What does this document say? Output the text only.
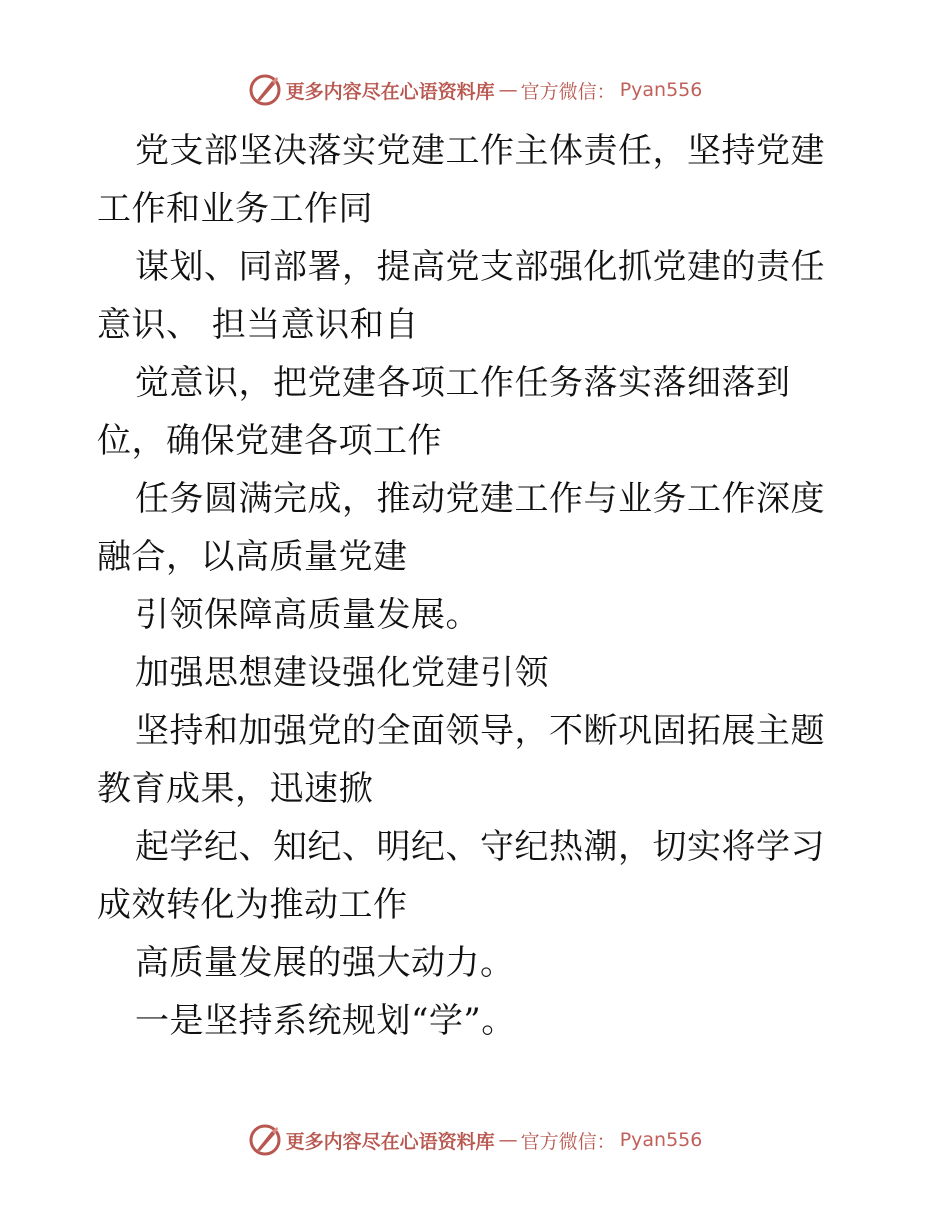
更多内容尽在心语资料库 — 官方微信： Pyan556

党支部坚决落实党建工作主体责任，坚持党建工作和业务工作同

谋划、同部署，提高党支部强化抓党建的责任意识、 担当意识和自

觉意识，把党建各项工作任务落实落细落到位，确保党建各项工作

任务圆满完成，推动党建工作与业务工作深度融合，以高质量党建

引领保障高质量发展。

加强思想建设强化党建引领

坚持和加强党的全面领导，不断巩固拓展主题教育成果，迅速掀

起学纪、知纪、明纪、守纪热潮，切实将学习成效转化为推动工作

高质量发展的强大动力。

一是坚持系统规划“学”。

更多内容尽在心语资料库 — 官方微信： Pyan556
